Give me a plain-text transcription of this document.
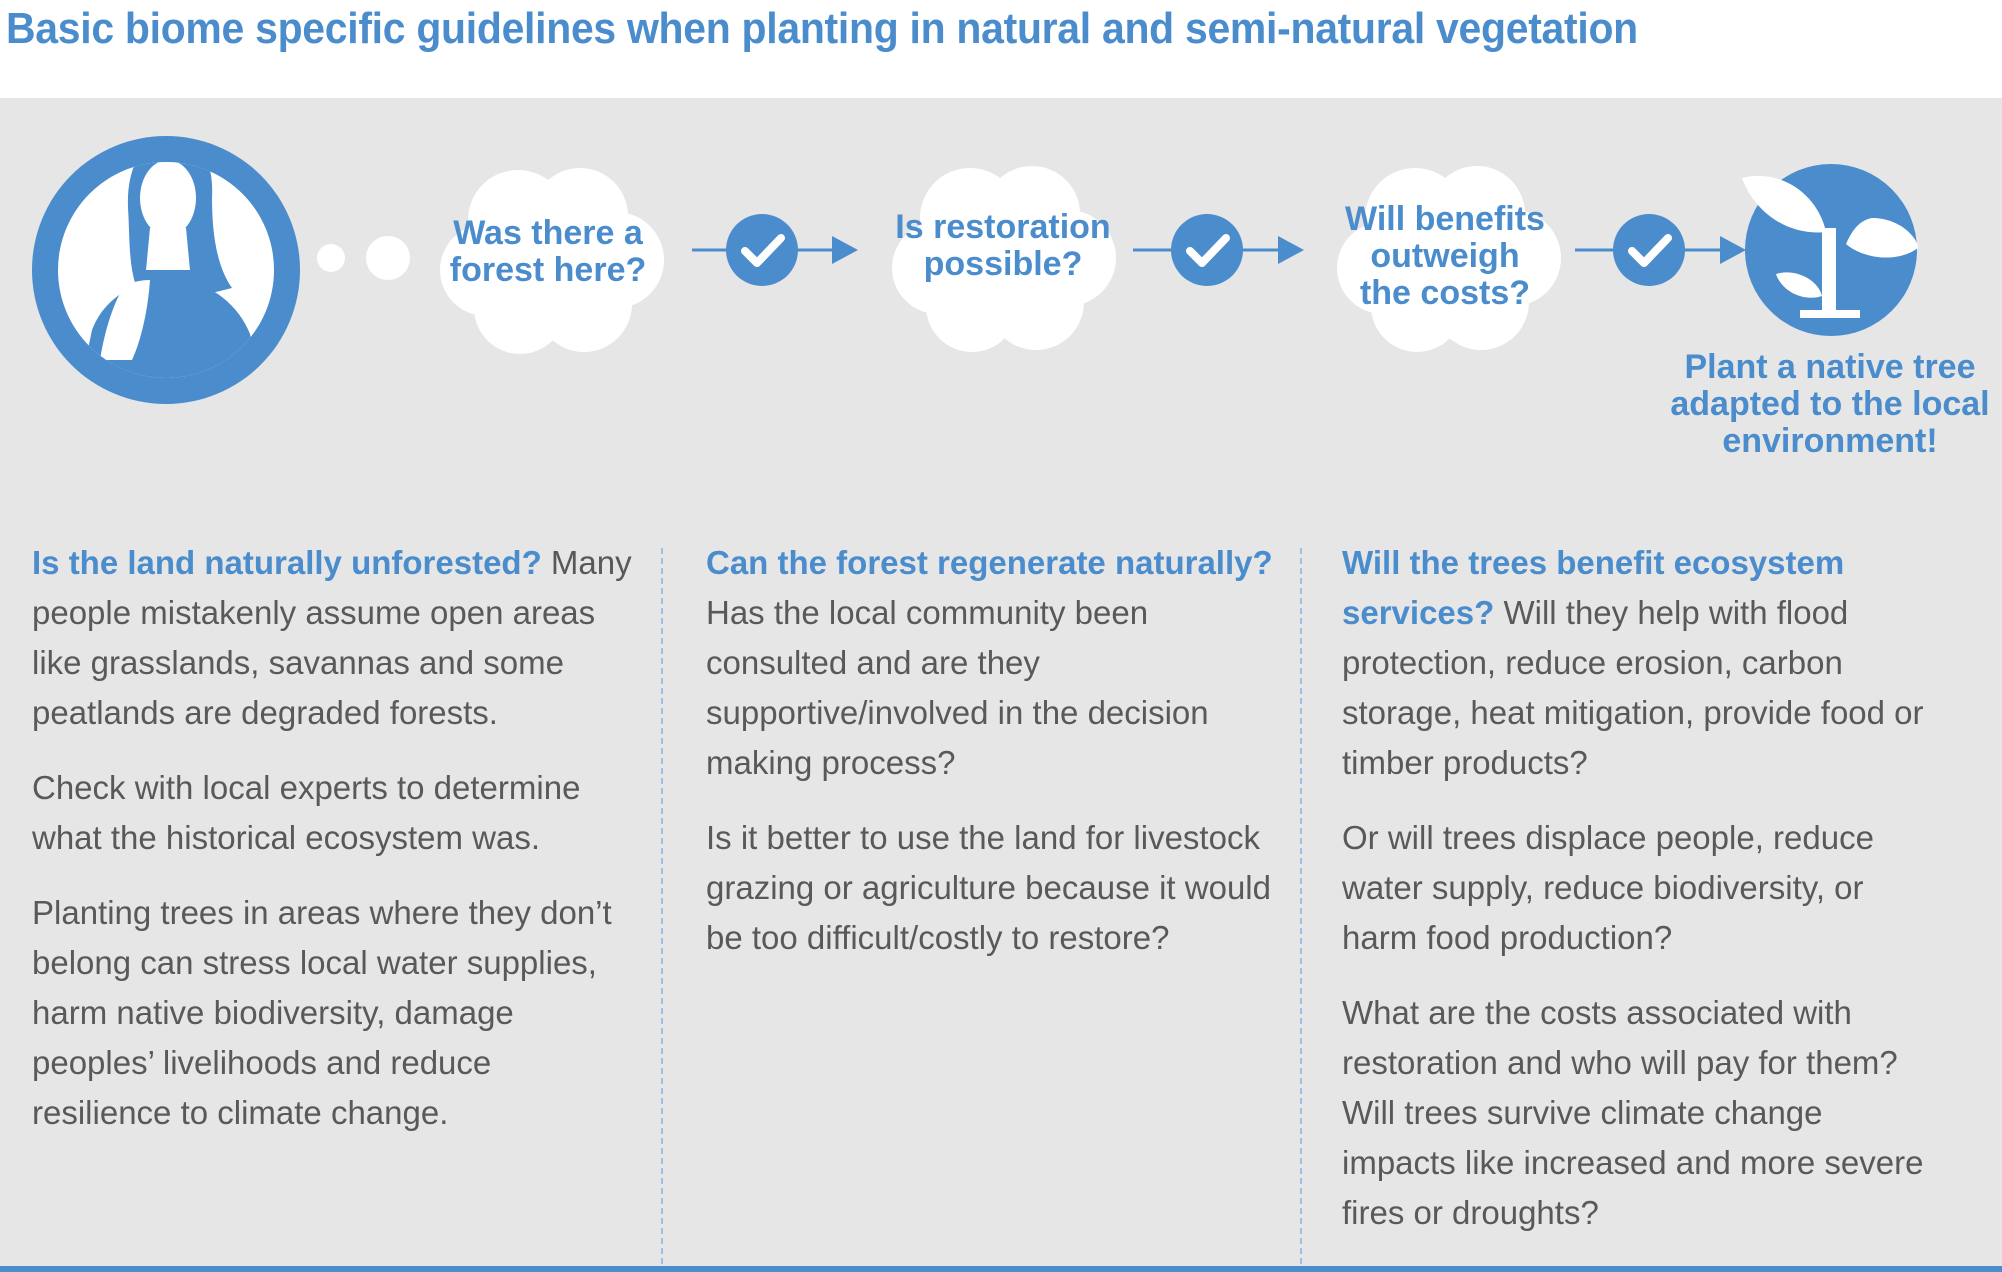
Basic biome specific guidelines when planting in natural and semi-natural vegetation
Was there a
forest here?
Is restoration
possible?
Will benefits
outweigh
the costs?
Plant a native tree
adapted to the local
environment!

Is the land naturally unforested? Many people mistakenly assume open areas like grasslands, savannas and some peatlands are degraded forests.

Check with local experts to determine what the historical ecosystem was.

Planting trees in areas where they don’t belong can stress local water supplies, harm native biodiversity, damage peoples’ livelihoods and reduce resilience to climate change.

Can the forest regenerate naturally?
Has the local community been consulted and are they supportive/involved in the decision making process?

Is it better to use the land for livestock grazing or agriculture because it would be too difficult/costly to restore?

Will the trees benefit ecosystem services? Will they help with flood protection, reduce erosion, carbon storage, heat mitigation, provide food or timber products?

Or will trees displace people, reduce water supply, reduce biodiversity, or harm food production?

What are the costs associated with restoration and who will pay for them? Will trees survive climate change impacts like increased and more severe fires or droughts?
